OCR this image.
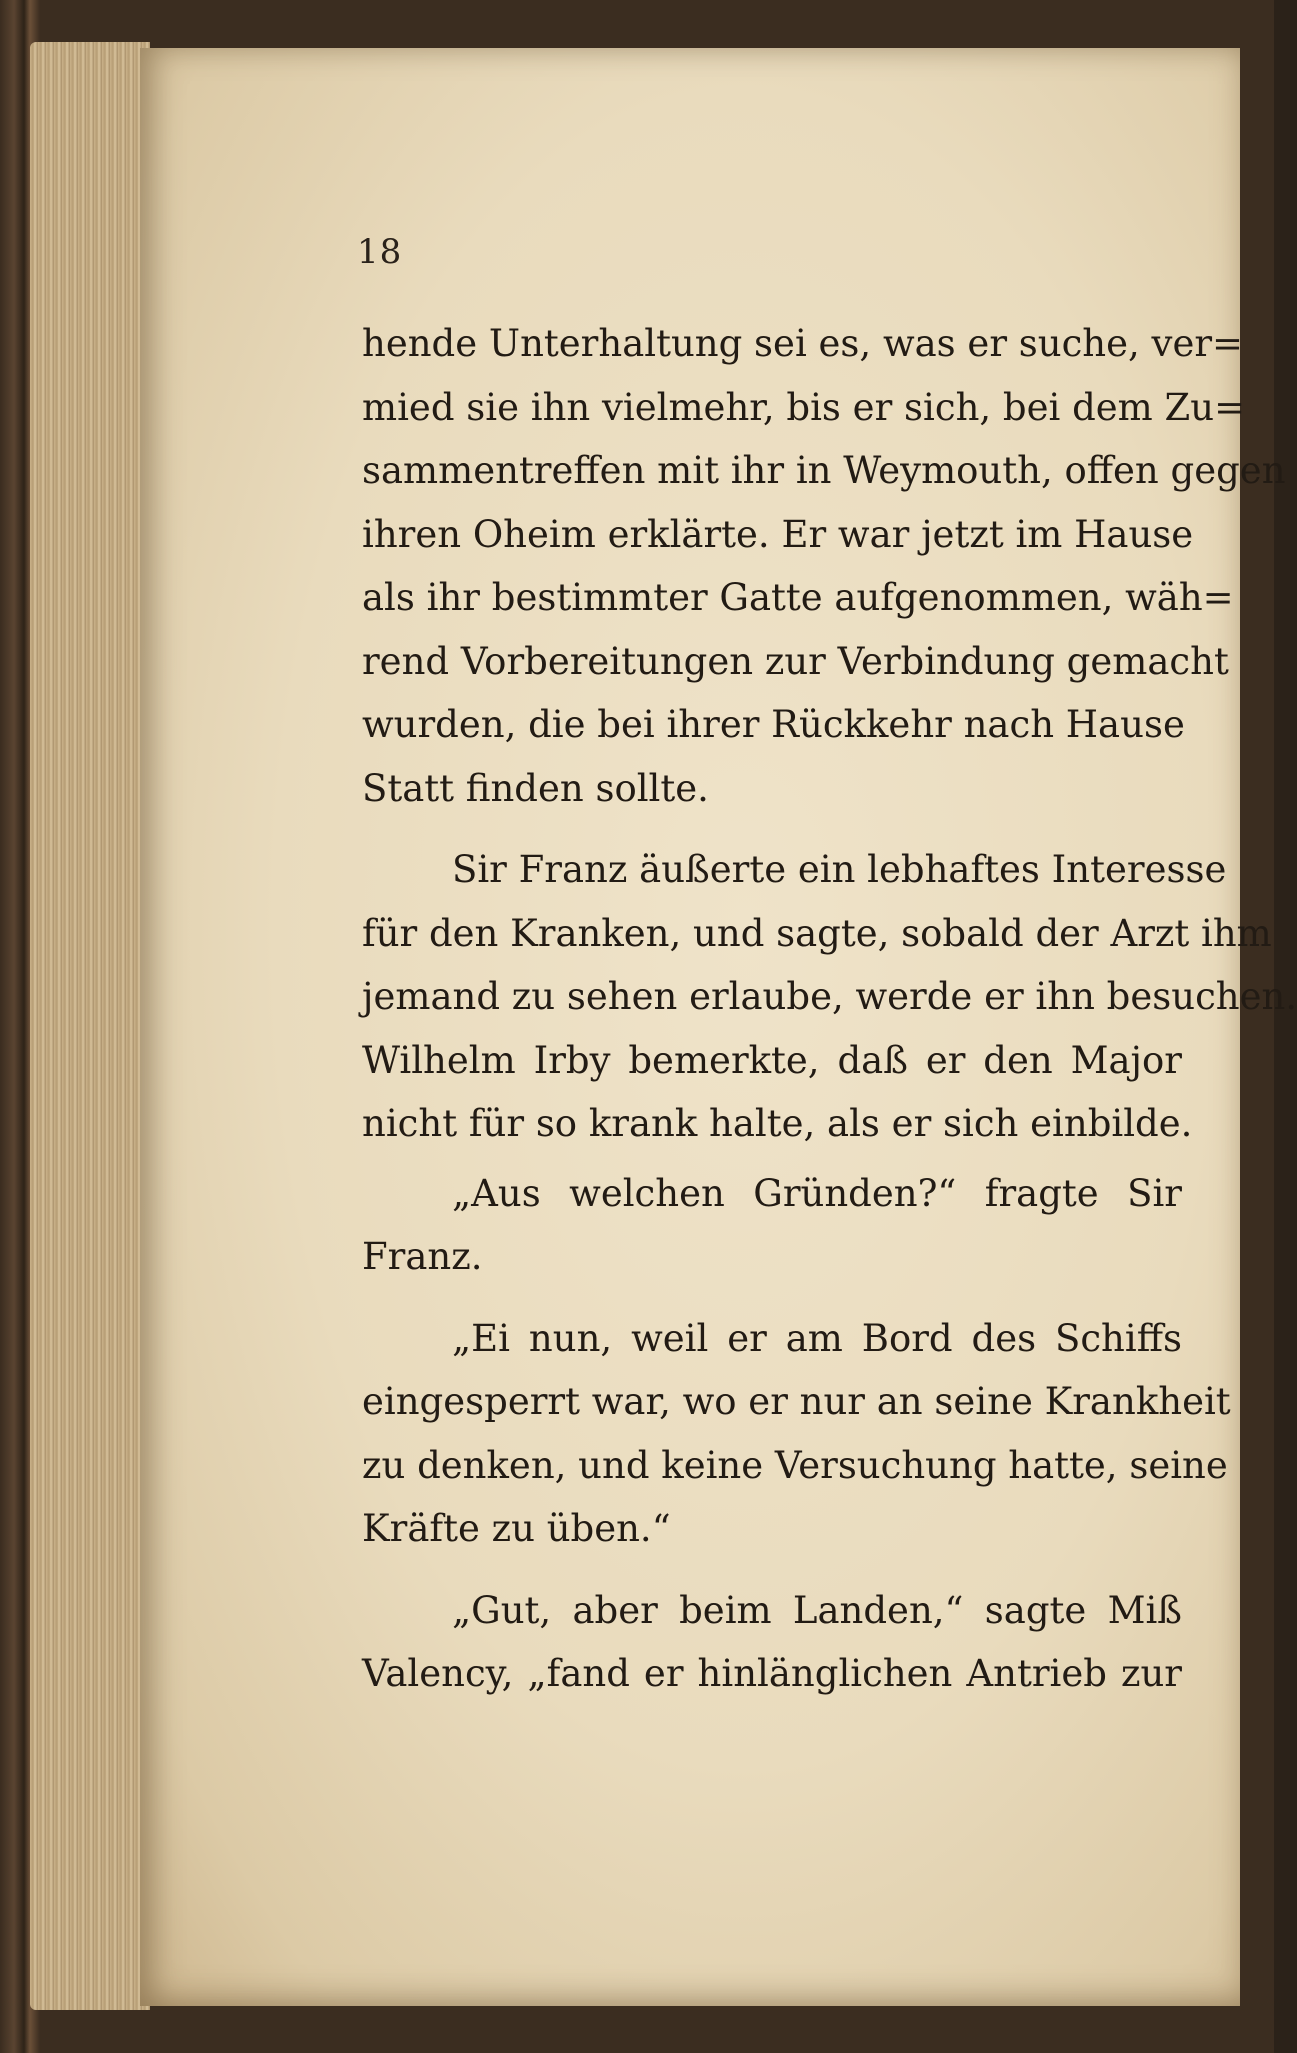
18
hende Unterhaltung sei es, was er suche, ver=
mied sie ihn vielmehr, bis er sich, bei dem Zu=
sammentreffen mit ihr in Weymouth, offen gegen
ihren Oheim erklärte. Er war jetzt im Hause
als ihr bestimmter Gatte aufgenommen, wäh=
rend Vorbereitungen zur Verbindung gemacht
wurden, die bei ihrer Rückkehr nach Hause
Statt finden sollte.
Sir Franz äußerte ein lebhaftes Interesse
für den Kranken, und sagte, sobald der Arzt ihm
jemand zu sehen erlaube, werde er ihn besuchen.
Wilhelm Irby bemerkte, daß er den Major
nicht für so krank halte, als er sich einbilde.
„Aus welchen Gründen?“ fragte Sir
Franz.
„Ei nun, weil er am Bord des Schiffs
eingesperrt war, wo er nur an seine Krankheit
zu denken, und keine Versuchung hatte, seine
Kräfte zu üben.“
„Gut, aber beim Landen,“ sagte Miß
Valency, „fand er hinlänglichen Antrieb zur
